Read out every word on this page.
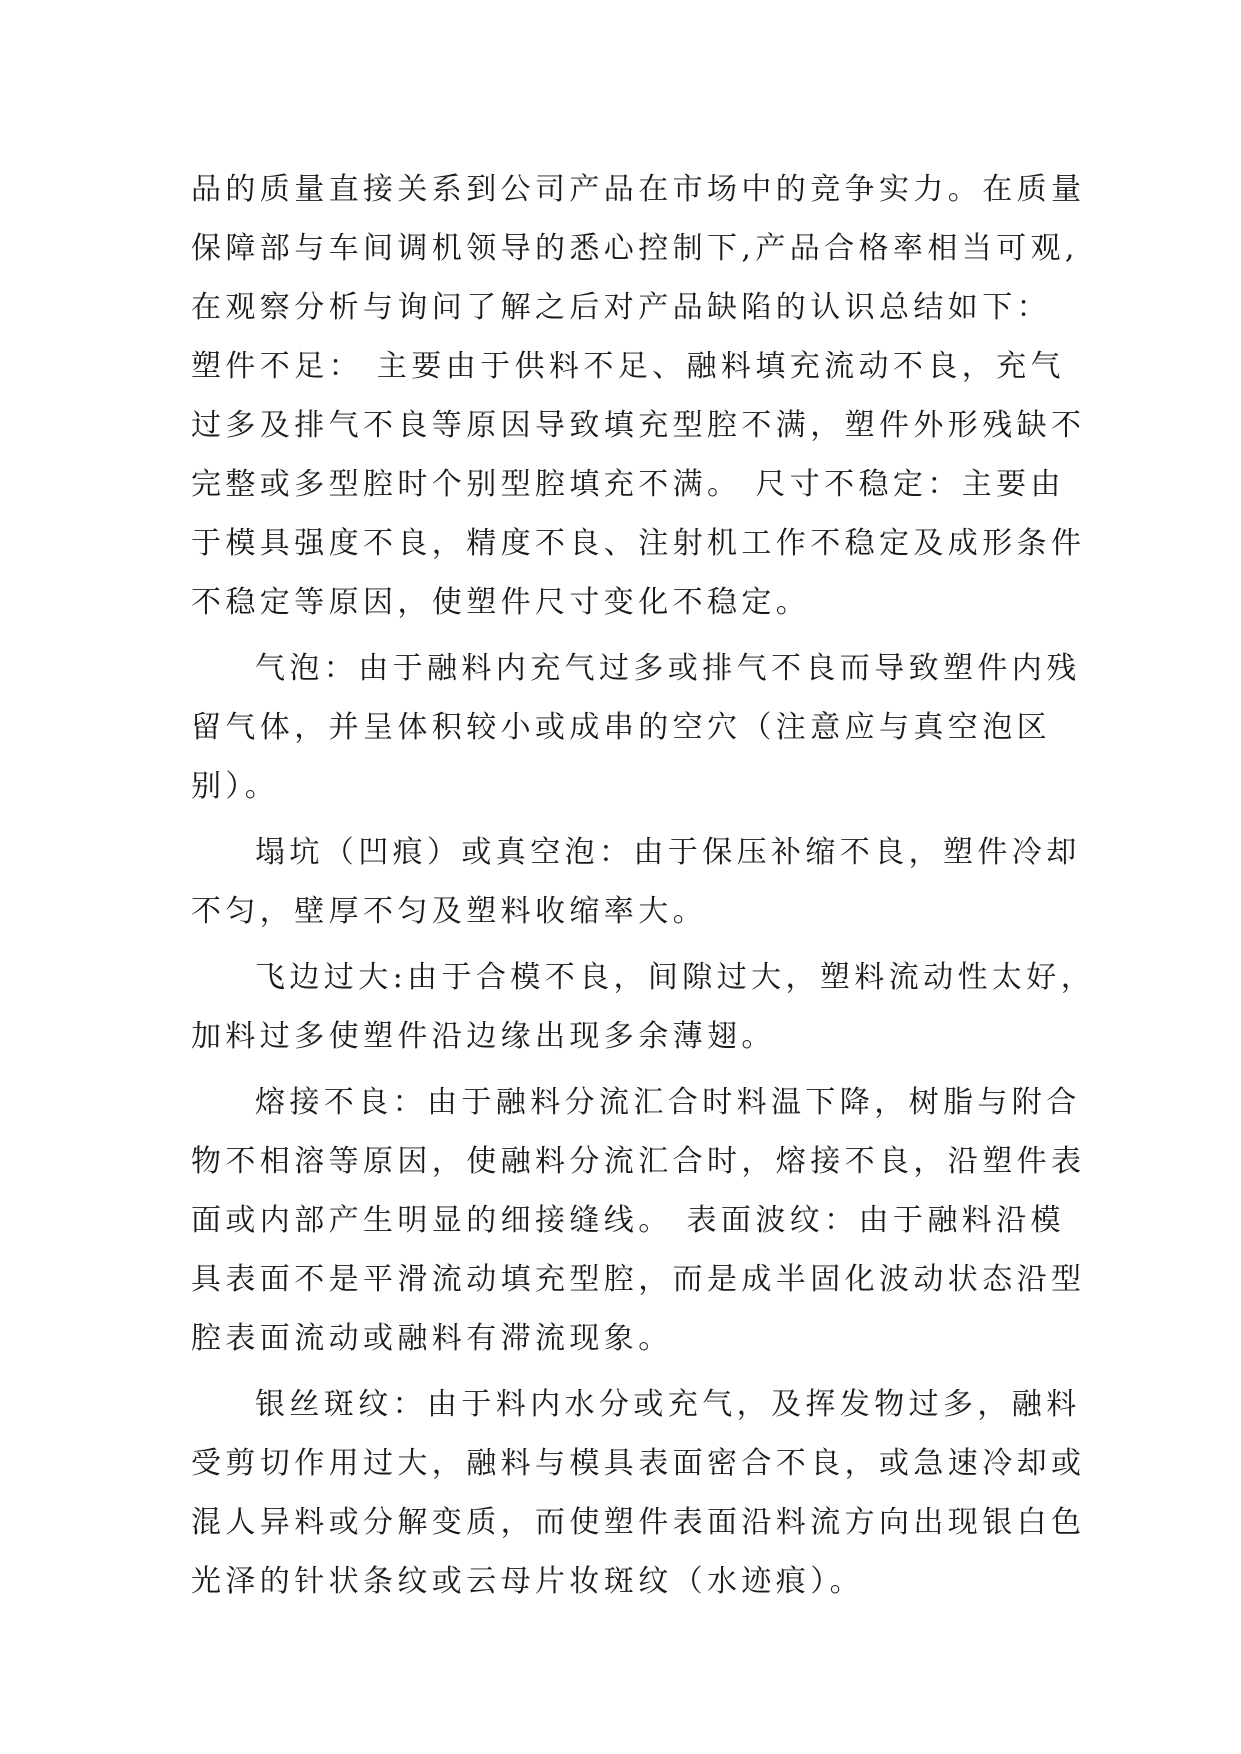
品的质量直接关系到公司产品在市场中的竞争实力。在质量
保障部与车间调机领导的悉心控制下,产品合格率相当可观,
在观察分析与询问了解之后对产品缺陷的认识总结如下：
塑件不足： 主要由于供料不足、融料填充流动不良，充气
过多及排气不良等原因导致填充型腔不满，塑件外形残缺不
完整或多型腔时个别型腔填充不满。 尺寸不稳定：主要由
于模具强度不良，精度不良、注射机工作不稳定及成形条件
不稳定等原因，使塑件尺寸变化不稳定。
气泡：由于融料内充气过多或排气不良而导致塑件内残
留气体，并呈体积较小或成串的空穴（注意应与真空泡区
别）。
塌坑（凹痕）或真空泡：由于保压补缩不良，塑件冷却
不匀，壁厚不匀及塑料收缩率大。
飞边过大:由于合模不良，间隙过大，塑料流动性太好，
加料过多使塑件沿边缘出现多余薄翅。
熔接不良：由于融料分流汇合时料温下降，树脂与附合
物不相溶等原因，使融料分流汇合时，熔接不良，沿塑件表
面或内部产生明显的细接缝线。 表面波纹：由于融料沿模
具表面不是平滑流动填充型腔，而是成半固化波动状态沿型
腔表面流动或融料有滞流现象。
银丝斑纹：由于料内水分或充气，及挥发物过多，融料
受剪切作用过大，融料与模具表面密合不良，或急速冷却或
混人异料或分解变质，而使塑件表面沿料流方向出现银白色
光泽的针状条纹或云母片妆斑纹（水迹痕）。
